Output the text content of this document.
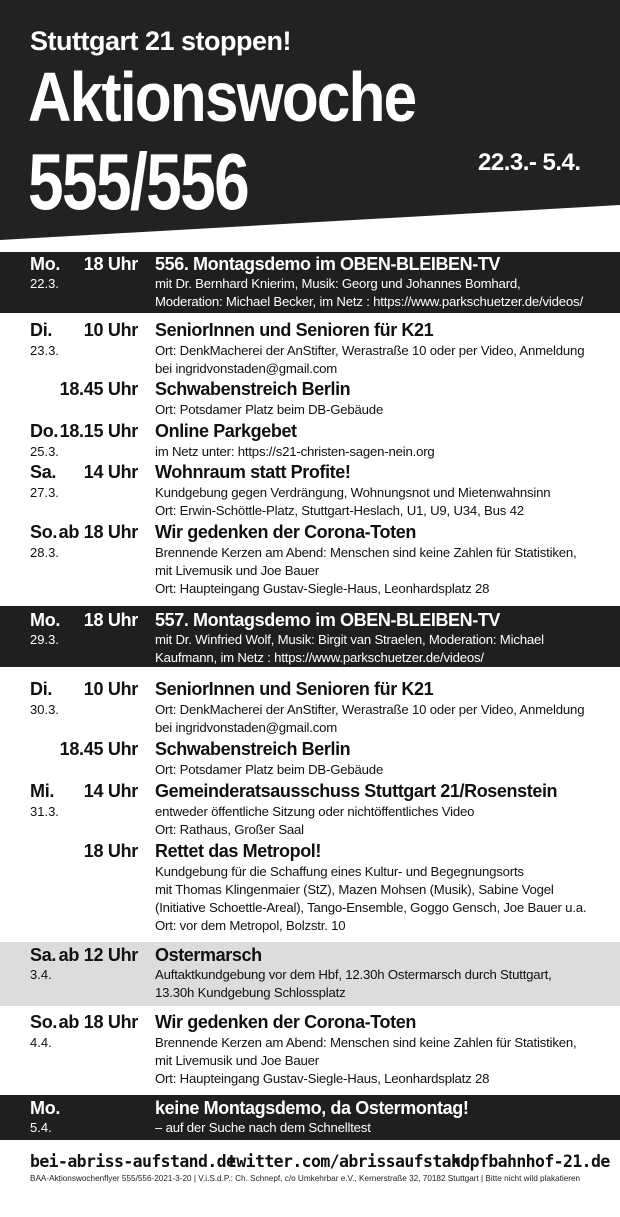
Stuttgart 21 stoppen!
Aktionswoche
555/556	22.3.- 5.4.
Mo.
22.3.
18 Uhr 556. Montagsdemo im OBEN-BLEIBEN-TV
mit Dr. Bernhard Knierim, Musik: Georg und Johannes Bomhard,
Moderation: Michael Becker, im Netz : https://www.parkschuetzer.de/videos/
Di.
23.3.
10 Uhr SeniorInnen und Senioren für K21
Ort: DenkMacherei der AnStifter, Werastraße 10 oder per Video, Anmeldung
bei ingridvonstaden@gmail.com
18.45 Uhr Schwabenstreich Berlin
Ort: Potsdamer Platz beim DB-Gebäude
Do.
25.3.
18.15 Uhr Online Parkgebet
im Netz unter: https://s21-christen-sagen-nein.org
Sa.
27.3.
14 Uhr Wohnraum statt Profite!
Kundgebung gegen Verdrängung, Wohnungsnot und Mietenwahnsinn
Ort: Erwin-Schöttle-Platz, Stuttgart-Heslach, U1, U9, U34, Bus 42
So.
28.3.
ab 18 Uhr Wir gedenken der Corona-Toten
Brennende Kerzen am Abend: Menschen sind keine Zahlen für Statistiken,
mit Livemusik und Joe Bauer
Ort: Haupteingang Gustav-Siegle-Haus, Leonhardsplatz 28
Mo.
29.3.
18 Uhr 557. Montagsdemo im OBEN-BLEIBEN-TV
mit Dr. Winfried Wolf, Musik: Birgit van Straelen, Moderation: Michael
Kaufmann, im Netz : https://www.parkschuetzer.de/videos/
Di.
30.3.
10 Uhr SeniorInnen und Senioren für K21
Ort: DenkMacherei der AnStifter, Werastraße 10 oder per Video, Anmeldung
bei ingridvonstaden@gmail.com
18.45 Uhr Schwabenstreich Berlin
Ort: Potsdamer Platz beim DB-Gebäude
Mi.
31.3.
14 Uhr Gemeinderatsausschuss Stuttgart 21/Rosenstein
entweder öffentliche Sitzung oder nichtöffentliches Video
Ort: Rathaus, Großer Saal
18 Uhr Rettet das Metropol!
Kundgebung für die Schaffung eines Kultur- und Begegnungsorts
mit Thomas Klingenmaier (StZ), Mazen Mohsen (Musik), Sabine Vogel
(Initiative Schoettle-Areal), Tango-Ensemble, Goggo Gensch, Joe Bauer u.a.
Ort: vor dem Metropol, Bolzstr. 10
Sa.
3.4.
ab 12 Uhr Ostermarsch
Auftaktkundgebung vor dem Hbf, 12.30h Ostermarsch durch Stuttgart,
13.30h Kundgebung Schlossplatz
So.
4.4.
ab 18 Uhr Wir gedenken der Corona-Toten
Brennende Kerzen am Abend: Menschen sind keine Zahlen für Statistiken,
mit Livemusik und Joe Bauer
Ort: Haupteingang Gustav-Siegle-Haus, Leonhardsplatz 28
Mo.
5.4.
keine Montagsdemo, da Ostermontag!
– auf der Suche nach dem Schnelltest
bei-abriss-aufstand.de
twitter.com/abrissaufstand
kopfbahnhof-21.de
BAA-Aktionswochenflyer 555/556-2021-3-20 | V.i.S.d.P.: Ch. Schnepf, c/o Umkehrbar e.V., Kernerstraße 32, 70182 Stuttgart | Bitte nicht wild plakatieren
